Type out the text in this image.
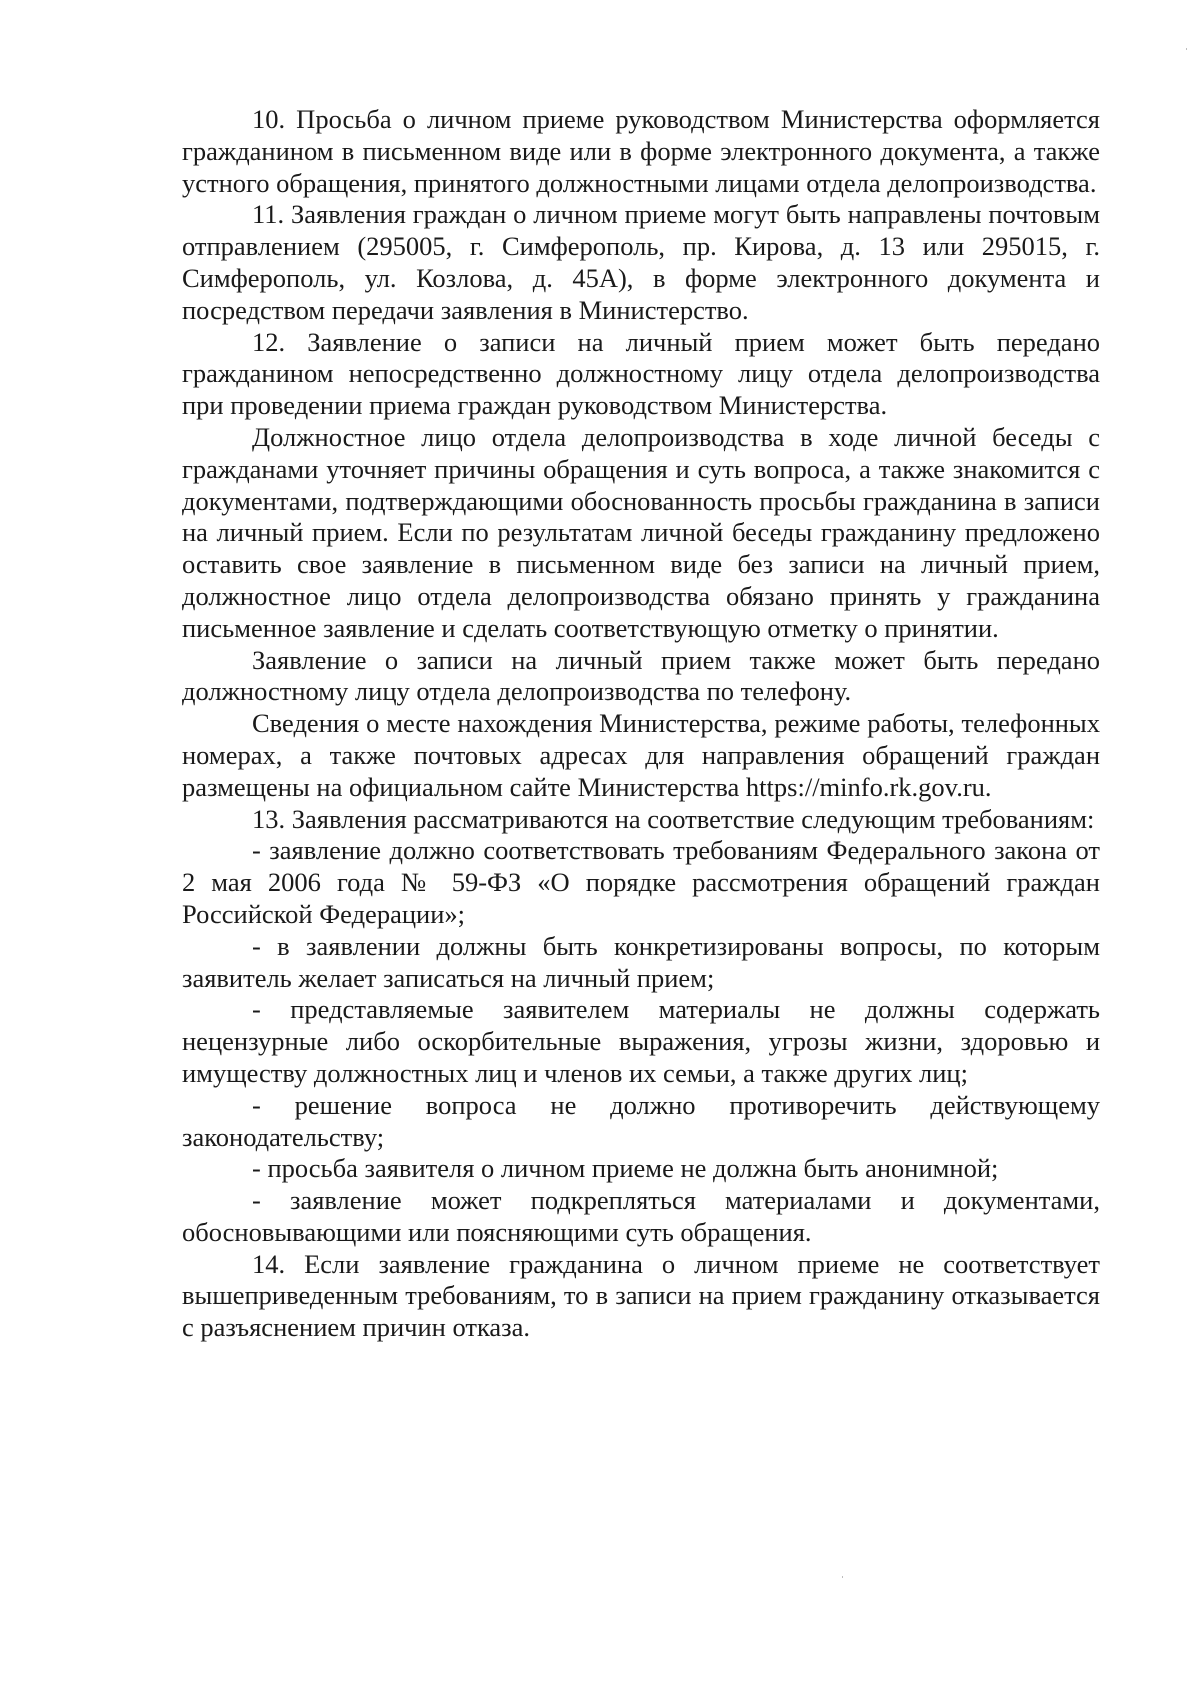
10. Просьба о личном приеме руководством Министерства оформляется гражданином в письменном виде или в форме электронного документа, а также устного обращения, принятого должностными лицами отдела делопроизводства.

11. Заявления граждан о личном приеме могут быть направлены почтовым отправлением (295005, г. Симферополь, пр. Кирова, д. 13 или 295015, г. Симферополь, ул. Козлова, д. 45А), в форме электронного документа и посредством передачи заявления в Министерство.

12. Заявление о записи на личный прием может быть передано гражданином непосредственно должностному лицу отдела делопроизводства при проведении приема граждан руководством Министерства.

Должностное лицо отдела делопроизводства в ходе личной беседы с гражданами уточняет причины обращения и суть вопроса, а также знакомится с документами, подтверждающими обоснованность просьбы гражданина в записи на личный прием. Если по результатам личной беседы гражданину предложено оставить свое заявление в письменном виде без записи на личный прием, должностное лицо отдела делопроизводства обязано принять у гражданина письменное заявление и сделать соответствующую отметку о принятии.

Заявление о записи на личный прием также может быть передано должностному лицу отдела делопроизводства по телефону.

Сведения о месте нахождения Министерства, режиме работы, телефонных номерах, а также почтовых адресах для направления обращений граждан размещены на официальном сайте Министерства https://minfo.rk.gov.ru.

13. Заявления рассматриваются на соответствие следующим требованиям:

- заявление должно соответствовать требованиям Федерального закона от 2 мая 2006 года № 59-ФЗ «О порядке рассмотрения обращений граждан Российской Федерации»;

- в заявлении должны быть конкретизированы вопросы, по которым заявитель желает записаться на личный прием;

- представляемые заявителем материалы не должны содержать нецензурные либо оскорбительные выражения, угрозы жизни, здоровью и имуществу должностных лиц и членов их семьи, а также других лиц;

- решение вопроса не должно противоречить действующему законодательству;

- просьба заявителя о личном приеме не должна быть анонимной;

- заявление может подкрепляться материалами и документами, обосновывающими или поясняющими суть обращения.

14. Если заявление гражданина о личном приеме не соответствует вышеприведенным требованиям, то в записи на прием гражданину отказывается с разъяснением причин отказа.
